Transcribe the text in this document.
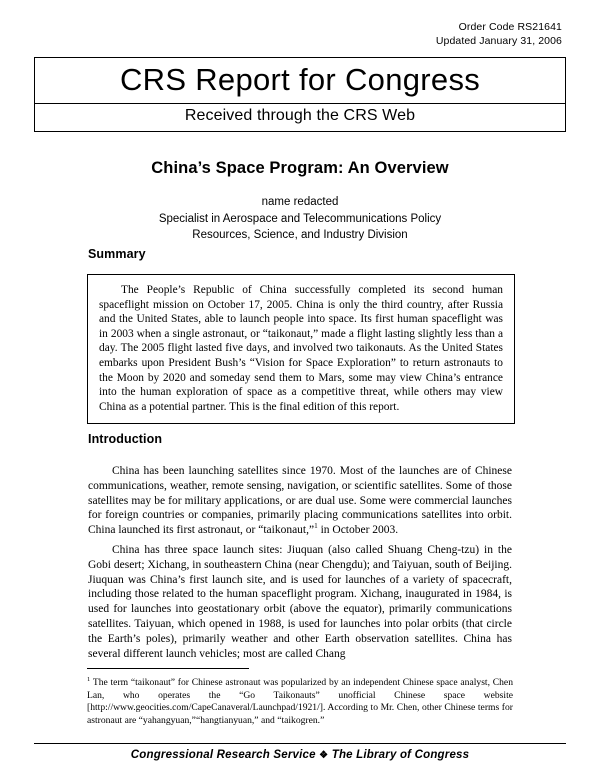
Order Code RS21641
Updated January 31, 2006
CRS Report for Congress
Received through the CRS Web
China’s Space Program: An Overview
name redacted
Specialist in Aerospace and Telecommunications Policy
Resources, Science, and Industry Division
Summary

The People’s Republic of China successfully completed its second human spaceflight mission on October 17, 2005. China is only the third country, after Russia and the United States, able to launch people into space. Its first human spaceflight was in 2003 when a single astronaut, or “taikonaut,” made a flight lasting slightly less than a day. The 2005 flight lasted five days, and involved two taikonauts. As the United States embarks upon President Bush’s “Vision for Space Exploration” to return astronauts to the Moon by 2020 and someday send them to Mars, some may view China’s entrance into the human exploration of space as a competitive threat, while others may view China as a potential partner. This is the final edition of this report.

Introduction

China has been launching satellites since 1970. Most of the launches are of Chinese communications, weather, remote sensing, navigation, or scientific satellites. Some of those satellites may be for military applications, or are dual use. Some were commercial launches for foreign countries or companies, primarily placing communications satellites into orbit. China launched its first astronaut, or “taikonaut,”$^1$ in October 2003.

China has three space launch sites: Jiuquan (also called Shuang Cheng-tzu) in the Gobi desert; Xichang, in southeastern China (near Chengdu); and Taiyuan, south of Beijing. Jiuquan was China’s first launch site, and is used for launches of a variety of spacecraft, including those related to the human spaceflight program. Xichang, inaugurated in 1984, is used for launches into geostationary orbit (above the equator), primarily communications satellites. Taiyuan, which opened in 1988, is used for launches into polar orbits (that circle the Earth’s poles), primarily weather and other Earth observation satellites. China has several different launch vehicles; most are called Chang

$^1$ The term “taikonaut” for Chinese astronaut was popularized by an independent Chinese space analyst, Chen Lan, who operates the “Go Taikonauts” unofficial Chinese space website [http://www.geocities.com/CapeCanaveral/Launchpad/1921/]. According to Mr. Chen, other Chinese terms for astronaut are “yahangyuan,”“hangtianyuan,” and “taikogren.”

Congressional Research Service ❖ The Library of Congress
